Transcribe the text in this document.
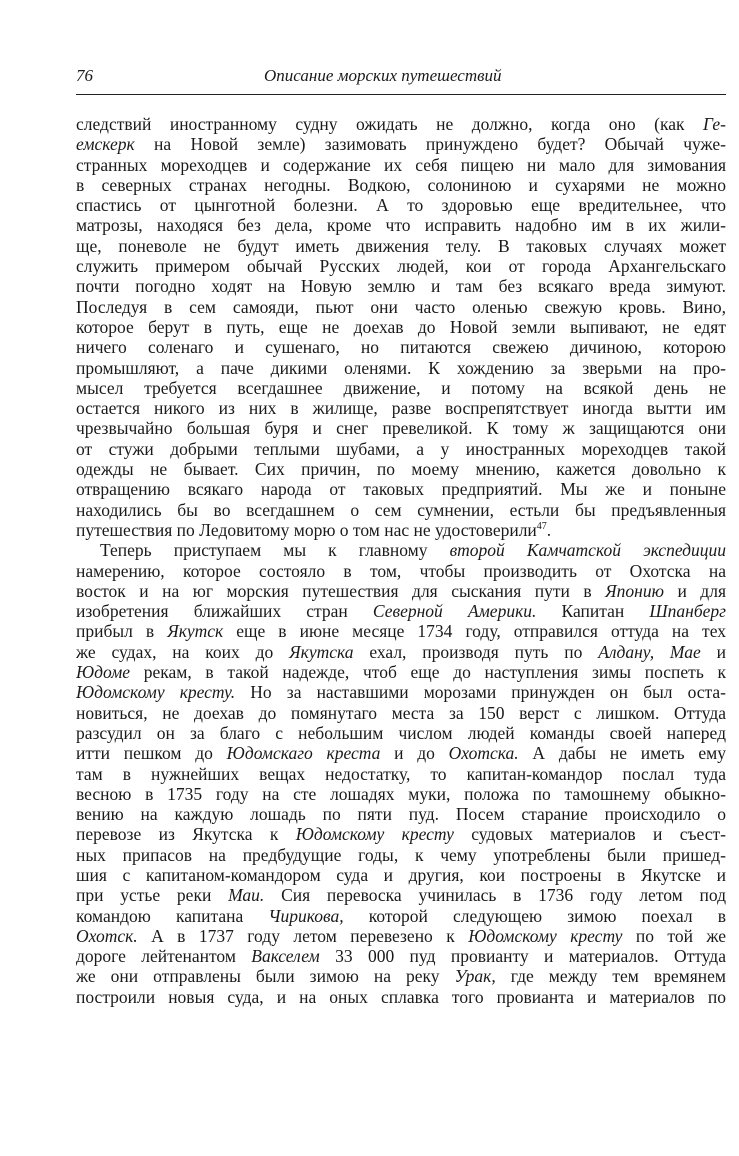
76	Описание морских путешествий
следствий иностранному судну ожидать не должно, когда оно (как Ге-
емскерк на Новой земле) зазимовать принуждено будет? Обычай чуже-
странных мореходцев и содержание их себя пищею ни мало для зимования
в северных странах негодны. Водкою, солониною и сухарями не можно
спастись от цынготной болезни. А то здоровью еще вредительнее, что
матрозы, находяся без дела, кроме что исправить надобно им в их жили-
ще, поневоле не будут иметь движения телу. В таковых случаях может
служить примером обычай Русских людей, кои от города Архангельскаго
почти погодно ходят на Новую землю и там без всякаго вреда зимуют.
Последуя в сем самояди, пьют они часто оленью свежую кровь. Вино,
которое берут в путь, еще не доехав до Новой земли выпивают, не едят
ничего соленаго и сушенаго, но питаются свежею дичиною, которою
промышляют, а паче дикими оленями. К хождению за зверьми на про-
мысел требуется всегдашнее движение, и потому на всякой день не
остается никого из них в жилище, разве воспрепятствует иногда вытти им
чрезвычайно большая буря и снег превеликой. К тому ж защищаются они
от стужи добрыми теплыми шубами, а у иностранных мореходцев такой
одежды не бывает. Сих причин, по моему мнению, кажется довольно к
отвращению всякаго народа от таковых предприятий. Мы же и поныне
находились бы во всегдашнем о сем сумнении, естьли бы предъявленныя
путешествия по Ледовитому морю о том нас не удостоверили$^{47}$.
Теперь приступаем мы к главному второй Камчатской экспедиции
намерению, которое состояло в том, чтобы производить от Охотска на
восток и на юг морския путешествия для сыскания пути в Японию и для
изобретения ближайших стран Северной Америки. Капитан Шпанберг
прибыл в Якутск еще в июне месяце 1734 году, отправился оттуда на тех
же судах, на коих до Якутска ехал, производя путь по Алдану, Мае и
Юдоме рекам, в такой надежде, чтоб еще до наступления зимы поспеть к
Юдомскому кресту. Но за наставшими морозами принужден он был оста-
новиться, не доехав до помянутаго места за 150 верст с лишком. Оттуда
разсудил он за благо с небольшим числом людей команды своей наперед
итти пешком до Юдомскаго креста и до Охотска. А дабы не иметь ему
там в нужнейших вещах недостатку, то капитан-командор послал туда
весною в 1735 году на сте лошадях муки, положа по тамошнему обыкно-
вению на каждую лошадь по пяти пуд. Посем старание происходило о
перевозе из Якутска к Юдомскому кресту судовых материалов и съест-
ных припасов на предбудущие годы, к чему употреблены были пришед-
шия с капитаном-командором суда и другия, кои построены в Якутске и
при устье реки Маи. Сия перевоска учинилась в 1736 году летом под
командою капитана Чирикова, которой следующею зимою поехал в
Охотск. А в 1737 году летом перевезено к Юдомскому кресту по той же
дороге лейтенантом Вакселем 33 000 пуд провианту и материалов. Оттуда
же они отправлены были зимою на реку Урак, где между тем времянем
построили новыя суда, и на оных сплавка того провианта и материалов по
